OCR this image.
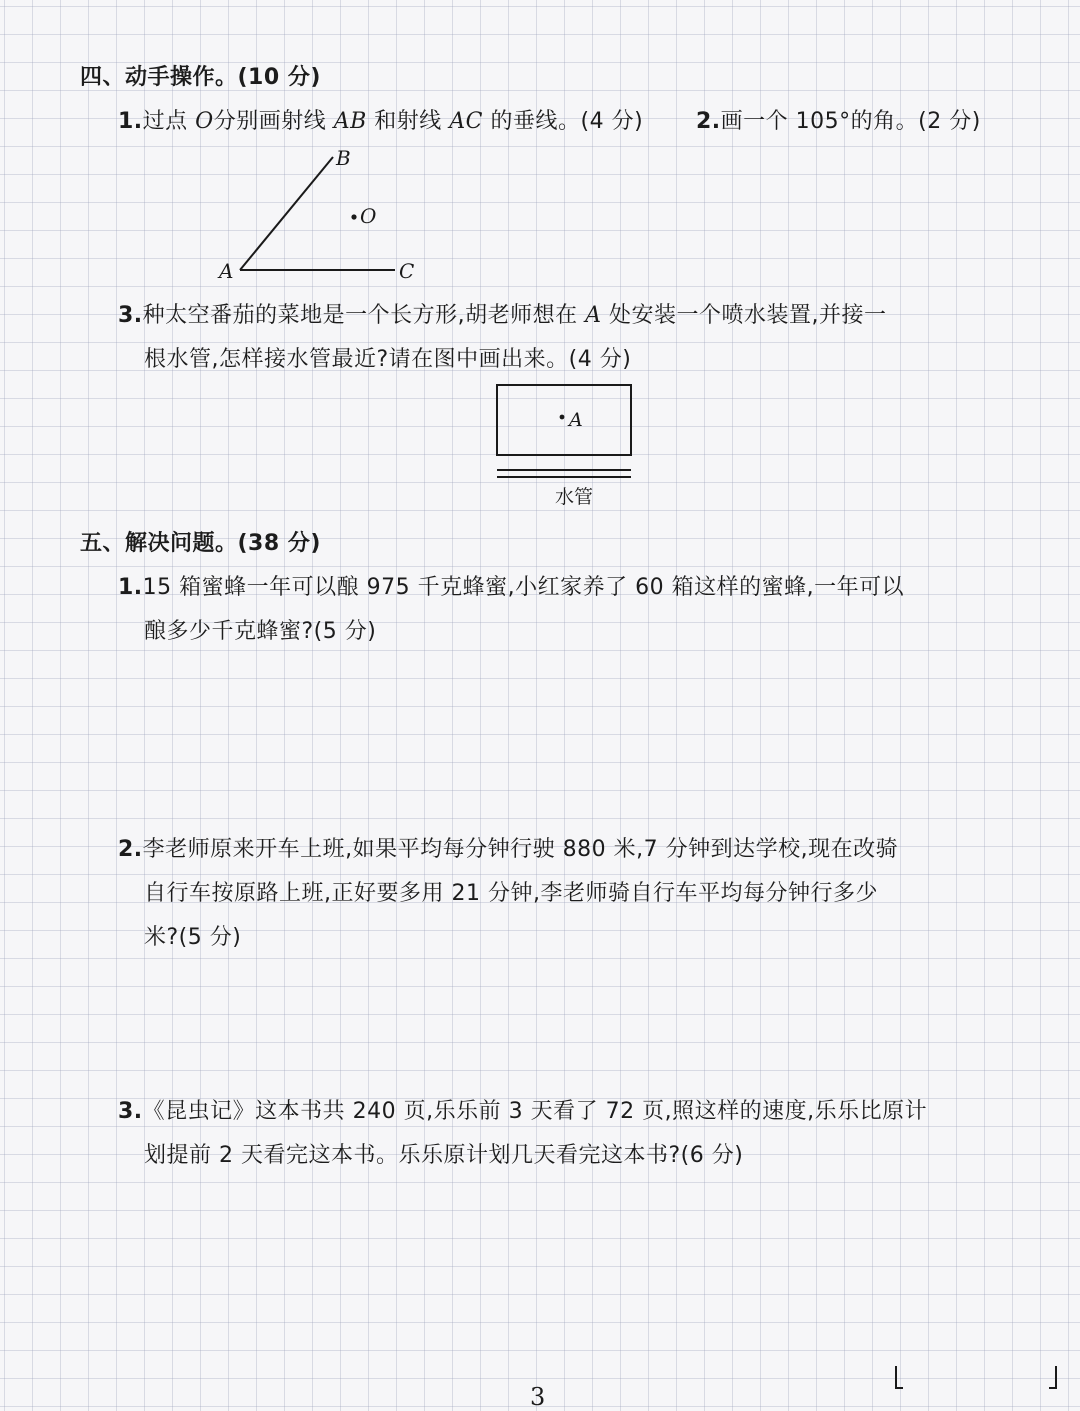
四、动手操作。(10 分)
1.过点 O分别画射线 AB 和射线 AC 的垂线。(4 分) 2.画一个 105°的角。(2 分)
B
O
A	C
A
水管
3.种太空番茄的菜地是一个长方形,胡老师想在 A 处安装一个喷水装置,并接一
根水管,怎样接水管最近?请在图中画出来。(4 分)
五、解决问题。(38 分)
1.15 箱蜜蜂一年可以酿 975 千克蜂蜜,小红家养了 60 箱这样的蜜蜂,一年可以
酿多少千克蜂蜜?(5 分)
2.李老师原来开车上班,如果平均每分钟行驶 880 米,7 分钟到达学校,现在改骑
自行车按原路上班,正好要多用 21 分钟,李老师骑自行车平均每分钟行多少
米?(5 分)
3.《昆虫记》这本书共 240 页,乐乐前 3 天看了 72 页,照这样的速度,乐乐比原计
划提前 2 天看完这本书。乐乐原计划几天看完这本书?(6 分)
3
